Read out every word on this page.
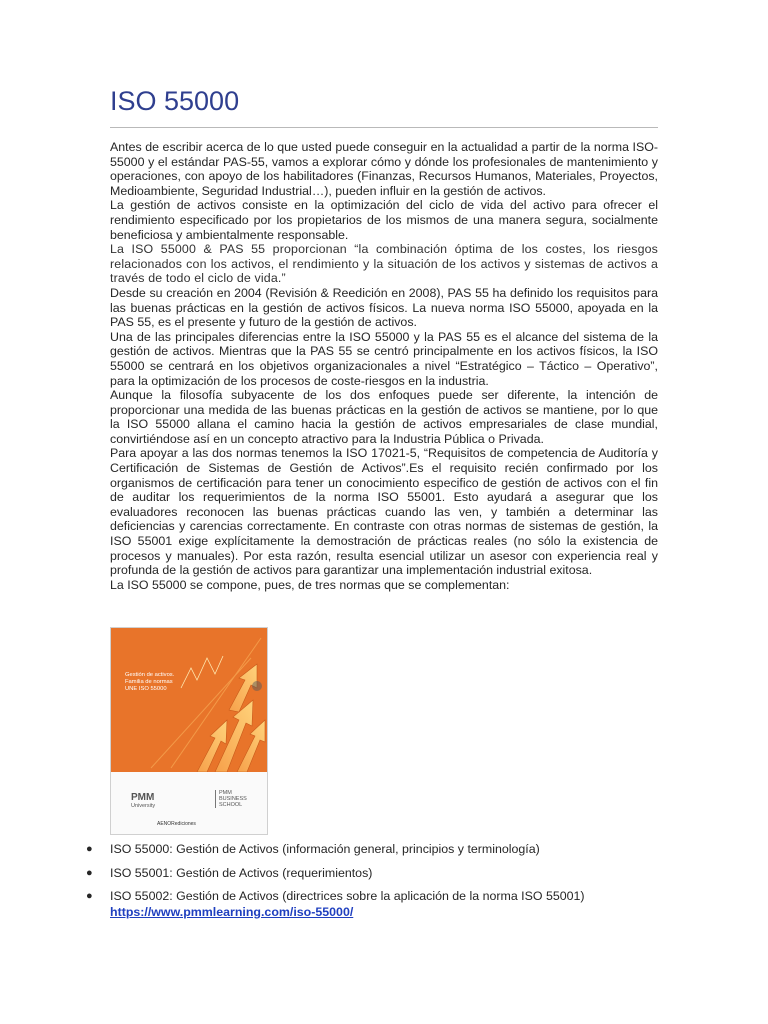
ISO 55000

Antes de escribir acerca de lo que usted puede conseguir en la actualidad a partir de la norma ISO-55000 y el estándar PAS-55, vamos a explorar cómo y dónde los profesionales de mantenimiento y operaciones, con apoyo de los habilitadores (Finanzas, Recursos Humanos, Materiales, Proyectos, Medioambiente, Seguridad Industrial…), pueden influir en la gestión de activos.

La gestión de activos consiste en la optimización del ciclo de vida del activo para ofrecer el rendimiento especificado por los propietarios de los mismos de una manera segura, socialmente beneficiosa y ambientalmente responsable.

La ISO 55000 & PAS 55 proporcionan “la combinación óptima de los costes, los riesgos relacionados con los activos, el rendimiento y la situación de los activos y sistemas de activos a través de todo el ciclo de vida.”

Desde su creación en 2004 (Revisión & Reedición en 2008), PAS 55 ha definido los requisitos para las buenas prácticas en la gestión de activos físicos. La nueva norma ISO 55000, apoyada en la PAS 55, es el presente y futuro de la gestión de activos.

Una de las principales diferencias entre la ISO 55000 y la PAS 55 es el alcance del sistema de la gestión de activos. Mientras que la PAS 55 se centró principalmente en los activos físicos, la ISO 55000 se centrará en los objetivos organizacionales a nivel “Estratégico – Táctico – Operativo”, para la optimización de los procesos de coste-riesgos en la industria.

Aunque la filosofía subyacente de los dos enfoques puede ser diferente, la intención de proporcionar una medida de las buenas prácticas en la gestión de activos se mantiene, por lo que la ISO 55000 allana el camino hacia la gestión de activos empresariales de clase mundial, convirtiéndose así en un concepto atractivo para la Industria Pública o Privada.

Para apoyar a las dos normas tenemos la ISO 17021-5, “Requisitos de competencia de Auditoría y Certificación de Sistemas de Gestión de Activos”.Es el requisito recién confirmado por los organismos de certificación para tener un conocimiento especifico de gestión de activos con el fin de auditar los requerimientos de la norma ISO 55001. Esto ayudará a asegurar que los evaluadores reconocen las buenas prácticas cuando las ven, y también a determinar las deficiencias y carencias correctamente. En contraste con otras normas de sistemas de gestión, la ISO 55001 exige explícitamente la demostración de prácticas reales (no sólo la existencia de procesos y manuales). Por esta razón, resulta esencial utilizar un asesor con experiencia real y profunda de la gestión de activos para garantizar una implementación industrial exitosa.

La ISO 55000 se compone, pues, de tres normas que se complementan:

Gestión de activos.
Familia de normas
UNE ISO 55000
PMM
University
PMM
BUSINESS
SCHOOL
AENORediciones
● ISO 55000: Gestión de Activos (información general, principios y terminología)
● ISO 55001: Gestión de Activos (requerimientos)
● ISO 55002: Gestión de Activos (directrices sobre la aplicación de la norma ISO 55001)
https://www.pmmlearning.com/iso-55000/
